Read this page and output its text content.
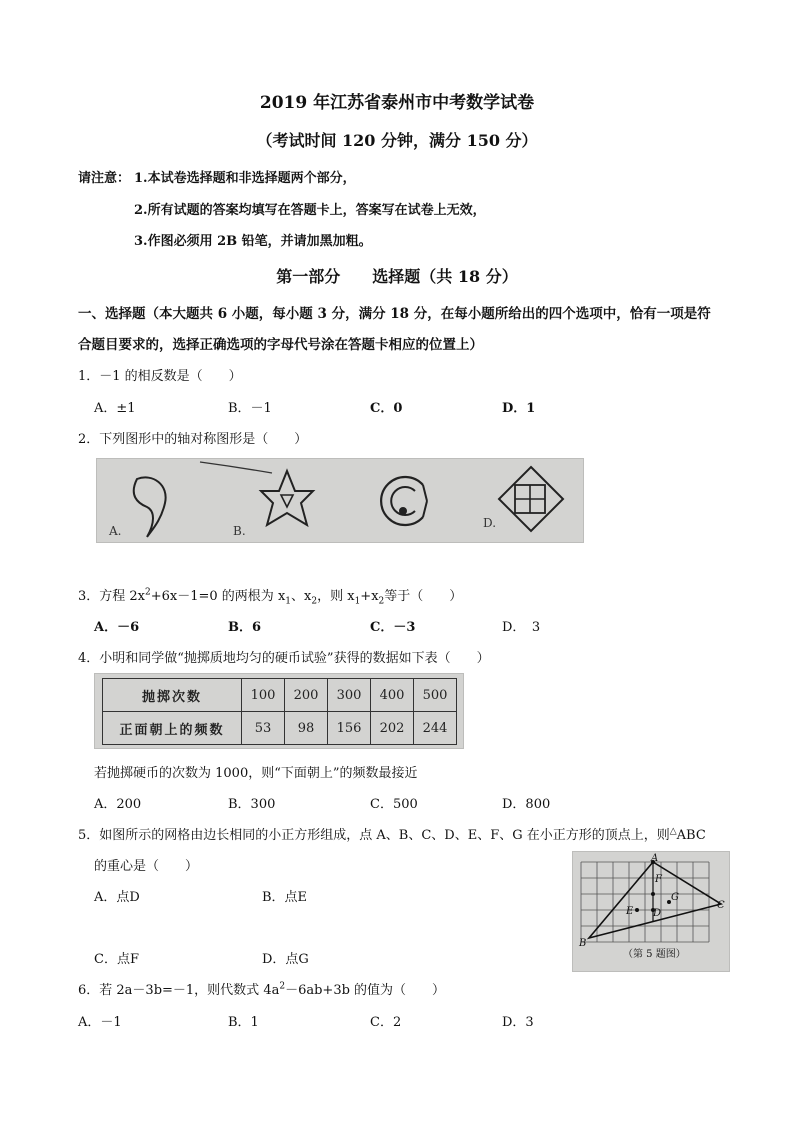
2019 年江苏省泰州市中考数学试卷
（考试时间 120 分钟，满分 150 分）
请注意： 1.本试卷选择题和非选择题两个部分，
2.所有试题的答案均填写在答题卡上，答案写在试卷上无效，
3.作图必须用 2B 铅笔，并请加黑加粗。
第一部分　　选择题（共 18 分）
一、选择题（本大题共 6 小题，每小题 3 分，满分 18 分，在每小题所给出的四个选项中，恰有一项是符
合题目要求的，选择正确选项的字母代号涂在答题卡相应的位置上）
1．－1 的相反数是（　　）
A．±1	B．－1	C．0	D．1
2．下列图形中的轴对称图形是（　　）
A.	B.
D.
3．方程 $2x^2+6x-1=0$ 的两根为 $x_1$、$x_2$，则 $x_1+x_2$等于（　　）
A．－6	B．6	C．－3	D．　3
4．小明和同学做“抛掷质地均匀的硬币试验”获得的数据如下表（　　）
抛掷次数	100	200	300	400	500
正面朝上的频数	53	98	156	202	244
若抛掷硬币的次数为 1000，则“下面朝上”的频数最接近
A．200	B．300	C．500	D．800
5．如图所示的网格由边长相同的小正方形组成，点 A、B、C、D、E、F、G 在小正方形的顶点上，则△ABC
的重心是（　　）
A．点D	B．点E
C．点F	D．点G
A
B
C
D
E
F
G
（第 5 题图）
6．若 2a－3b=－1，则代数式 $4a^2-6ab+3b$ 的值为（　　）
A．－1	B．1	C．2	D．3
